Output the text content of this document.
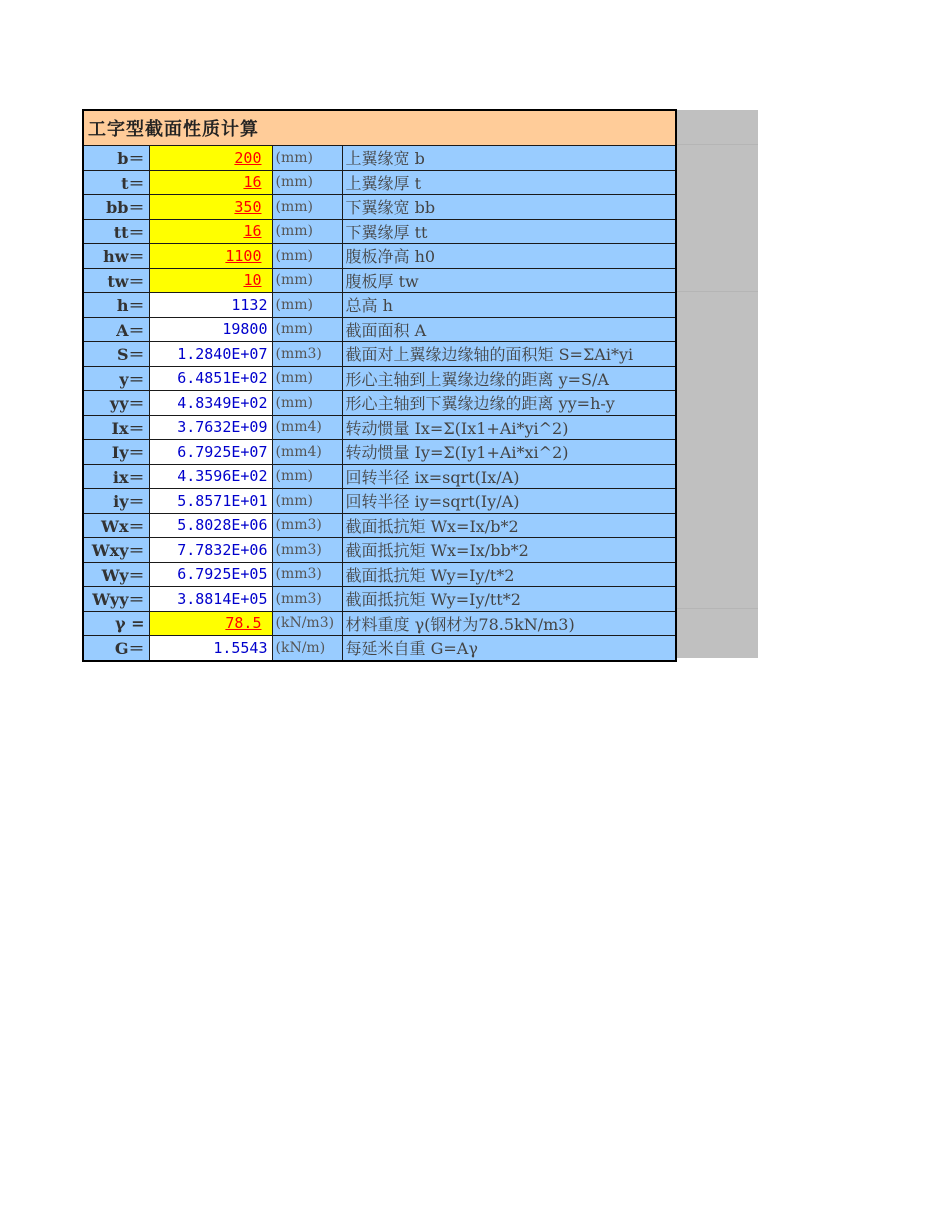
工字型截面性质计算			
b＝	200	(mm)	上翼缘宽 b
t＝	16	(mm)	上翼缘厚 t
bb＝	350	(mm)	下翼缘宽 bb
tt＝	16	(mm)	下翼缘厚 tt
hw＝	1100	(mm)	腹板净高 h0
tw＝	10	(mm)	腹板厚 tw
h＝	1132	(mm)	总高 h
A＝	19800	(mm)	截面面积 A
S＝	1.2840E+07	(mm3)	截面对上翼缘边缘轴的面积矩 S=ΣAi*yi
y＝	6.4851E+02	(mm)	形心主轴到上翼缘边缘的距离 y=S/A
yy＝	4.8349E+02	(mm)	形心主轴到下翼缘边缘的距离 yy=h-y
Ix＝	3.7632E+09	(mm4)	转动惯量 Ix=Σ(Ix1+Ai*yi^2)
Iy＝	6.7925E+07	(mm4)	转动惯量 Iy=Σ(Iy1+Ai*xi^2)
ix＝	4.3596E+02	(mm)	回转半径 ix=sqrt(Ix/A)
iy＝	5.8571E+01	(mm)	回转半径 iy=sqrt(Iy/A)
Wx＝	5.8028E+06	(mm3)	截面抵抗矩 Wx=Ix/b*2
Wxy＝	7.7832E+06	(mm3)	截面抵抗矩 Wx=Ix/bb*2
Wy＝	6.7925E+05	(mm3)	截面抵抗矩 Wy=Iy/t*2
Wyy＝	3.8814E+05	(mm3)	截面抵抗矩 Wy=Iy/tt*2
γ =	78.5	(kN/m3)	材料重度 γ(钢材为78.5kN/m3)
G＝	1.5543	(kN/m)	每延米自重 G=Aγ
